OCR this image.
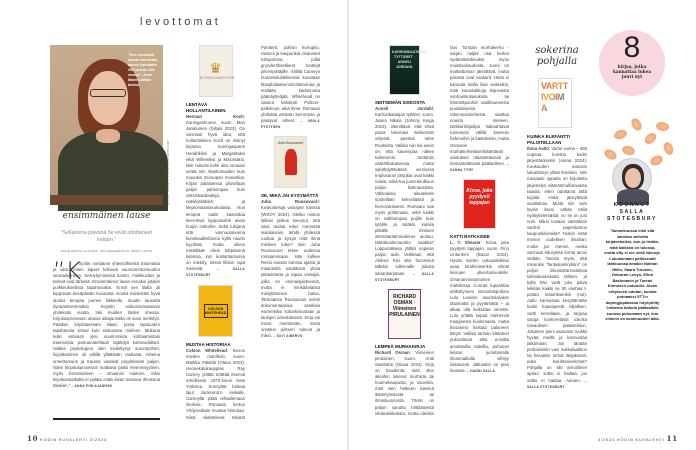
levottomat
”Kun romaanin muoto hahmottui, koroin loputtakin 300 sivusta 200 sivuun”, Anne-Marie Latikka kertoo.
KUVAT IRMELI JUNG/KUSTANTAJAT
ensimmäinen lause
”Sellaisena päivänä he eivät odottaneet ketään.”
ANNE-MARIA LATIKKA: VALONKEHRÄÄJÄ (WSOY 2023)
”K
irjoitin romaanin yhteisöllisestä traumasta ja siitä, miten lapset kokevat suuronnettomuuden seurauksineen. Selviytymisessä luonto, mielikuvitus ja tarinat ovat tärkeitä. Ensimmäinen lause ennakoi jotakin poikkeuksellista tapahtuvaksi. Ensin sen tilalla oli leppoisan kesäpäivän kuvausta. Koska mielestäni hyvä aloitus tempaa juonen liikkeelle, muutin lausetta dynaamisemmaksi. Kirjoitin esikoisromaaniani yhdeksän vuotta, toki muiden töiden ohessa. Kirjoitusprosessin alussa alitajunnalla oli suuri merkitys. Päädsin kirjoittaessani tilaan, jossa lapsuuden tapahtumia virtasi kuin elokuvana mieleen. Mukana kulki vahvasti yksi suurimmista kohtaamistani traumoista: patruunatehtaan räjähdys kotiseudullani. Vaikka psykologina olen keskittynyt suruntyöhön, kirjoittaminen oli välillä yllättävän raskasta. Aiheina onnettomuus ja trauma vaativat psyykkisesti paljon. Näen kirjoitusprosessin matkana paitsi menneisyyteen, myös ihmismieleen – omaaniin mieleen. Siksi kirjoitusmatkalta ei palata enää aivan samana ihmisenä takaisin.” – ANNA PIHLAJANIEMI
10 KODIN KUVALEHTI 3/2024
♛
KUNINGASHUONE
LENTÄVÄ HOLLANTILAINEN
Herman Koch: Kuningashuone, suom. Mari Janatuinen (Siltala 2023). On varmasti hyvä idea, että hollantilainen Koch on ristinyt kirjansa kuningasparin Hendrikiksi ja Margaritaksi eikä Willemiksi ja Máximaksi. Niin raisusti kohti alta romaani vetää niin Alankomaiden kuin muunkin Euroopan monarkiat. Kirjan palatseissa pilotellaan paljon paheimpaa kuin seksiskandaaleja, natsikytköksiä ja kleptomaaniasukulaisia. Alun lempeä satiiri kasvattaa kierroksia loppuosaihti aivan hurjiin mittoihin. Sekä lukijana että vannoutuneena kuninkaallisfanina kyllä nautin kyydistä, mutta oikein mielellään olisin kärpäsenä katossa, kun kustantamossa on mietitty, missä fiktion rajat menevät.	– SALLA STOTESBURY
COLSON WHITEHEAD
MUSTAA HISTORIAA
Colson Whitehead: Kieron mielten manifesti, suom. Markku Päkkilä (Otava 2023). Huonekalukauppias Ray Carney yrittää erättää itsensä rehellisesti 1970-luvun New Yorkissa. Kunnyttär haluaa liput Jackson5:n keikalle, Carneyllä pitää tehtailemaan rikoksia. Romaani kertoo Yhdysvaltain mustaa historiaa. Siinä vilahtelevat Mustat Pantterit, poliisin korruptio, rasismi ja kaupunkia riivanneet tuhopolotot, joilla gryndertihankkeet tonttejä pilvenpiirtäjille. Väliltä Carneyn huonekaluliikkeessä kuvataan blaxploitaatio-toimintaroinaa ja etsitään kadonnutta päänäyttelijää. Whitehead on saanut kahdesti Pulitzer-palkinnon, eikä ihme. Romaani yhdistää vetävän kerronnan ja painavat aiheet. – VENLA PYSTYNEN
Juha Ruusuvuori
SE, MIKÄ JÄI KYSYMÄTTÄ
Juha Ruusuvuori: Keskustelujä vainajien kanssa (WSOY 2024). Oletko miinun laillani joskus toivonut, että saisi tavata edes menneitä sukulaisiasi, tehdä yhdessä ruokaa ja kysyä mitä ikinä mieleen tulee? Niin Juha Ruusuvuori tekee uudessa romaanissaan. Hän kulkee Reino-isoisän kanssa ajasta ja maanteillä sotatäissä yksiä piittaamatta ja tapaa vainajia, joilla on ominaispiirteensä, mutta ei minkäänlaista mielyttämisen halua. Tarinaansa Ruusuvuori solmii dokumentaarisia aineksia esimerkiksi kotiarkistostaan ja laulujen sanoituksista. Kirja sai minut miettimään, mistä omatkin piirteen tulevat ja miksi. – SUVI SINERVO
KARHUNKAATAJAN TYTTÄRET · ANNELI JORDAHL
SEITSEMÄN SISKOSTA
Anneli Jordahl: Karhunkaatajan tyttäret, suom. Jaana Nikula (Johnny Kniga 2023). Jännittävä, että ehkä paras lukemani Seitsemän veljestä -pastissi tulee Ruotsista. Vaikka niin kai usein on, että kauempaa näkee tarkemmin. Jordahlin väärälleukaisessa mutta sykähdyttävässä versiossa Impivaaran jörtjukat ovat kaikki naisia, mikä tuo juonenkulkuun paljon lisämausteita. Välitouksia aikutekstin ripotellaan kekseliäästi ja hienovaraisesti. Romaani saa myös pohtimaan, mikä kaikki on sallittumpaa pojille kuin tytöille, ja siitäkin, kuinka pitkälle ihmisen itsemääräämisoikeus ulottuu. Näkökuolemaonko saakka? Loppuratkaisu jättää sopivan paljon auki. Veikkaan, että Aleksis Kivi olisi hurrannut tällekin tulkinnalle jalosta sanankarjataan. – SALLA STOTESBURY
RICHARD OSMAN · Viimeinen PIRULAINEN
LEMPEÄ MURHAKIRJA
Richard Osman: Viimeinen pirulainen, suom. Antti Saarilahti (Otava 2023). Kirja on hauskinta, mitä olen aikoihin lukenut murhista tai huumekaupasta, ja osuvinta, mitä olen hetkeen lukenut ikääntymisestä tai ihmisluonnosta. Tämä on paljon sanottu brittiläisestä vihdedekkarista, mutta olenkin fani. Torstain murhakerho -sarjan neljäs osa kertoo sydäntäsärkevästi myös muistisairaudesta. Juoni on mutkattoman jännittävä, mutta parasta ovat sankarit. Heitä ei kannata luulla liian seitasiksi, mitä kuivakakkuja leipovasta vanhainkotiasukista tai hämäräpuuhiin osallistuneesta puolalaisesta rakennusmiehestä saattaa nousta mieleen. Dekkarikirjailijat hakeahtavat tunnetusti välillä itseesiin hahmoihin ja käänteisiin, mutta Osmanin murhakerhelaisenkääntävät odotukset rakastettavasti ja riemastuttavasti päälaelleen. – SANNA TYRY
Kissa, joka pyydysti tappajan
KATTI RATKAISEE
L. T. Shearer: Kissa, joka pyydysti tappajan, suom. Pirjo Linturiemi (Bazar 2024). Hyvän mielen uutuusdekkari avaa kirahimisenkin silmät kissojen ylivertaisuudelle. Omanarvontuntoinen mahtikissa Conrad lupsahtaa eläköityneen lontoolaispoliisin Lulu Lewisin asuntolaivaan tilaamatta ja pyytämättä – ja alkaa olla keikuttaa venettä. Lulu yrittää toipua miehensä traagisesta kuolemasta, mutta kissanero haistaa palaneen käryä. Vaikka tarinan käänteet puksuttavat aika ennalta arvattavilla raiteilla, puhuvan kissan juonitamalla rikosmatkalla viihtyy loistavasti. Jatkoakin on pian luvassa. – HANNI SALLA
sokerina pohjalla
VARTTIVOIMA
KUINKA ELEFANTTI PALOITELLAAN
Ilona Aalto: Vartin voima – 365 nopeaa konstia kodin järjestämiseksi (Atena 2024). Kuukauden antoisin lukuelämys yllätti itsenikin. Niin runsaasti oppaita on kirjoitettu järjestelyn elämänmullistavasta taiasta, etten odottanut tältä kirjalta enää järisyttäviä oivalluksia. Mutta niin vain löysin itseni vähän väliä nyökyttelemästä: no se on just noin. Miksi tosiaan vääntäisin vanhat paperikarton kaupunkiloimiita? Tuskin enää menen uudelleen ilmahan, mutta jos menen, meika varmasti kännykän kortta tamsi setään. Totesin myös, että minunkin ”fantasiamindiäni” on paljon liikuntaharrastuksia kahvakuulailusta lähtien, ja kyllä hän vielä joku päivä leikkaa kaikki ne 50 vanhaa t-paitaa matonkuteiksi (not). Aallo kannustaa kesyttämään kodin kaaospesät hiljalleen, vartti kerrallaan, ja tarjoaa satoja konkreettisia ideoita raivauksen palastelulun. Jokainen pieni saavutus ruokkii hyvää mieltä ja kannustaa jatkamaan. Jos tänään perkaisinkin vain sukkalaatikon tai heivaisin turhat lahjakassit, edes kuluhtaneemmat? Pohjalla on silti armollinen ajatus: sotku ei haittaa, jos sotku ei haittaa. Aamen. – SALLA STOTESBURY
8
kirjaa, jotka kannattaa lukea juuri nyt
KOONNUT
SALLA
STOTESBURY
Tammikuussa elän sitä saloista valhetta kirjateekoiksi, kun jo tiedän, mitä kaikkea on tulossa, mutta ölty ei ole vielä iskenyt. Lukuisinaani pöllöseväit lähikuussa ainakin Nathan Hillin, Saara Turusen, Deborah Levyn, Elina Backmanin ja Tommi Kinnusen uutuudet. Aivan erityisesti odotan, kuinka puhtaaksi STT:n dopingjupakassa höykytetty Johanna Aaltola päätsalkiin suunsa puhumaan nyt, kun viimein on avoimuuden aika.
3/2024 KODIN KUVALEHTI 11
